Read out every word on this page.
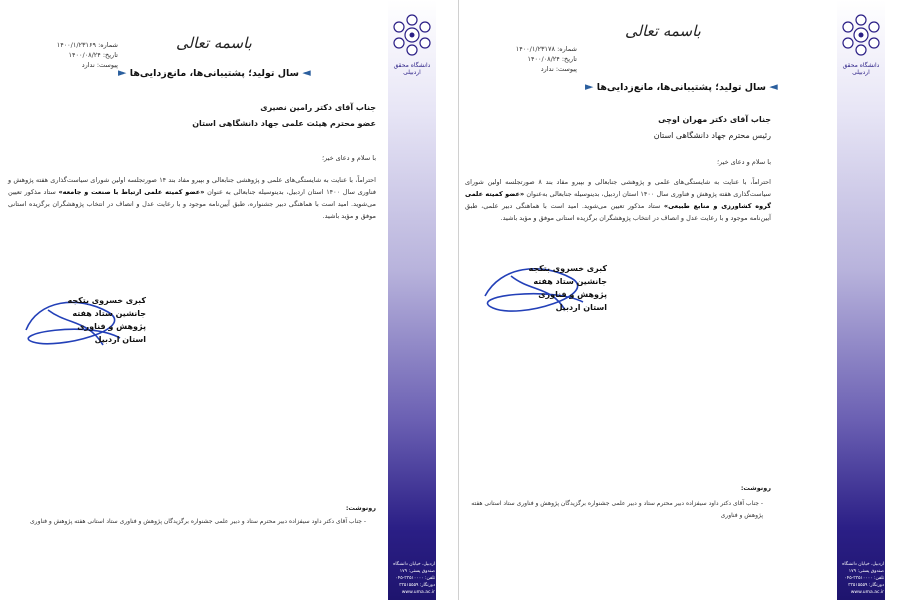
دانشگاه محقق اردبیلی
اردبیل، خیابان دانشگاه
صندوق پستی: ۱۷۹
تلفن: ۳۳۵۱۰۰۰۰-۰۴۵
دورنگار: ۳۳۵۱۵۵۵۹
www.uma.ac.ir
باسمه تعالی
شماره: ۱۴۰۰/۱/۲۳۱۶۹
تاریخ: ۱۴۰۰/۰۸/۲۴
پیوست: ندارد
◄ سال تولید؛ پشتیبانی‌ها، مانع‌زدایی‌ها ►
جناب آقای دکتر رامین نصیری
عضو محترم هیئت علمی جهاد دانشگاهی استان
با سلام و دعای خیر؛
احتراماً، با عنایت به شایستگی‌های علمی و پژوهشی جنابعالی و بپیرو مفاد بند ۱۴ صورتجلسه اولین شورای سیاست‌گذاری هفته پژوهش و فناوری سال ۱۴۰۰ استان اردبیل، بدینوسیله جنابعالی به عنوان «عضو کمیته علمی ارتباط با صنعت و جامعه» ستاد مذکور تعیین می‌شوید. امید است با هماهنگی دبیر جشنواره، طبق آیین‌نامه موجود و با رعایت عدل و انصاف در انتخاب پژوهشگران برگزیده استانی موفق و مؤید باشید.
کبری خسروی بتکجه
جانشین ستاد هفته
پژوهش و فناوری
استان اردبیل
رونوشت:
- جناب آقای دکتر داود سیفزاده دبیر محترم ستاد و دبیر علمی جشنواره برگزیدگان پژوهش و فناوری ستاد استانی هفته پژوهش و فناوری
دانشگاه محقق اردبیلی
اردبیل، خیابان دانشگاه
صندوق پستی: ۱۷۹
تلفن: ۳۳۵۱۰۰۰۰-۰۴۵
دورنگار: ۳۳۵۱۵۵۵۹
www.uma.ac.ir
باسمه تعالی
شماره: ۱۴۰۰/۱/۲۳۱۷۸
تاریخ: ۱۴۰۰/۰۸/۲۴
پیوست: ندارد
◄ سال تولید؛ پشتیبانی‌ها، مانع‌زدایی‌ها ►
جناب آقای دکتر مهران اوچی
رئیس محترم جهاد دانشگاهی استان
با سلام و دعای خیر؛
احتراماً، با عنایت به شایستگی‌های علمی و پژوهشی جنابعالی و بپیرو مفاد بند ۸ صورتجلسه اولین شورای سیاست‌گذاری هفته پژوهش و فناوری سال ۱۴۰۰ استان اردبیل، بدینوسیله جنابعالی به‌عنوان «عضو کمیته علمی گروه کشاورزی و منابع طبیعی» ستاد مذکور تعیین می‌شوید. امید است با هماهنگی دبیر علمی، طبق آیین‌نامه موجود و با رعایت عدل و انصاف در انتخاب پژوهشگران برگزیده استانی موفق و مؤید باشید.
کبری خسروی بتکجه
جانشین ستاد هفته
پژوهش و فناوری
استان اردبیل
رونوشت:
- جناب آقای دکتر داود سیفزاده دبیر محترم ستاد و دبیر علمی جشنواره برگزیدگان پژوهش و فناوری ستاد استانی هفته پژوهش و فناوری
